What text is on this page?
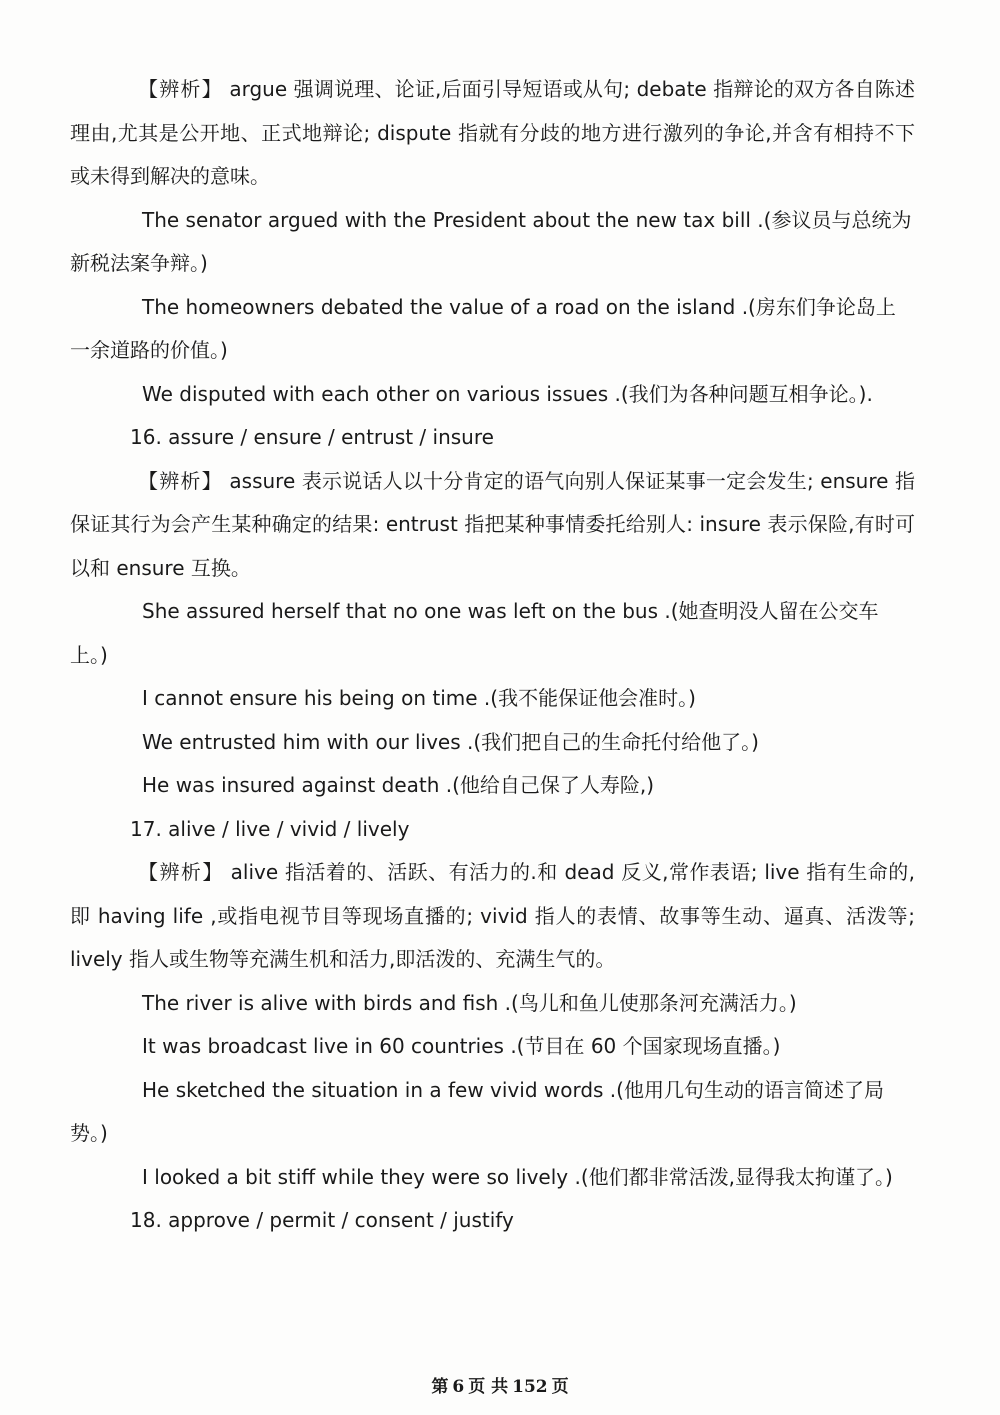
【辨析】 argue 强调说理、论证,后面引导短语或从句; debate 指辩论的双方各自陈述理由,尤其是公开地、正式地辩论; dispute 指就有分歧的地方进行激列的争论,并含有相持不下或未得到解决的意味。

The senator argued with the President about the new tax bill .(参议员与总统为新税法案争辩。)

The homeowners debated the value of a road on the island .(房东们争论岛上一余道路的价值。)

We disputed with each other on various issues .(我们为各种问题互相争论。).

16. assure / ensure / entrust / insure

【辨析】 assure 表示说话人以十分肯定的语气向别人保证某事一定会发生; ensure 指保证其行为会产生某种确定的结果: entrust 指把某种事情委托给别人: insure 表示保险,有时可以和 ensure 互换。

She assured herself that no one was left on the bus .(她查明没人留在公交车上。)

I cannot ensure his being on time .(我不能保证他会准时。)

We entrusted him with our lives .(我们把自己的生命托付给他了。)

He was insured against death .(他给自己保了人寿险,)

17. alive / live / vivid / lively

【辨析】 alive 指活着的、活跃、有活力的.和 dead 反义,常作表语; live 指有生命的,即 having life ,或指电视节目等现场直播的; vivid 指人的表情、故事等生动、逼真、活泼等; lively 指人或生物等充满生机和活力,即活泼的、充满生气的。

The river is alive with birds and fish .(鸟儿和鱼儿使那条河充满活力。)

It was broadcast live in 60 countries .(节目在 60 个国家现场直播。)

He sketched the situation in a few vivid words .(他用几句生动的语言简述了局势。)

I looked a bit stiff while they were so lively .(他们都非常活泼,显得我太拘谨了。)

18. approve / permit / consent / justify

第 6 页 共 152 页
